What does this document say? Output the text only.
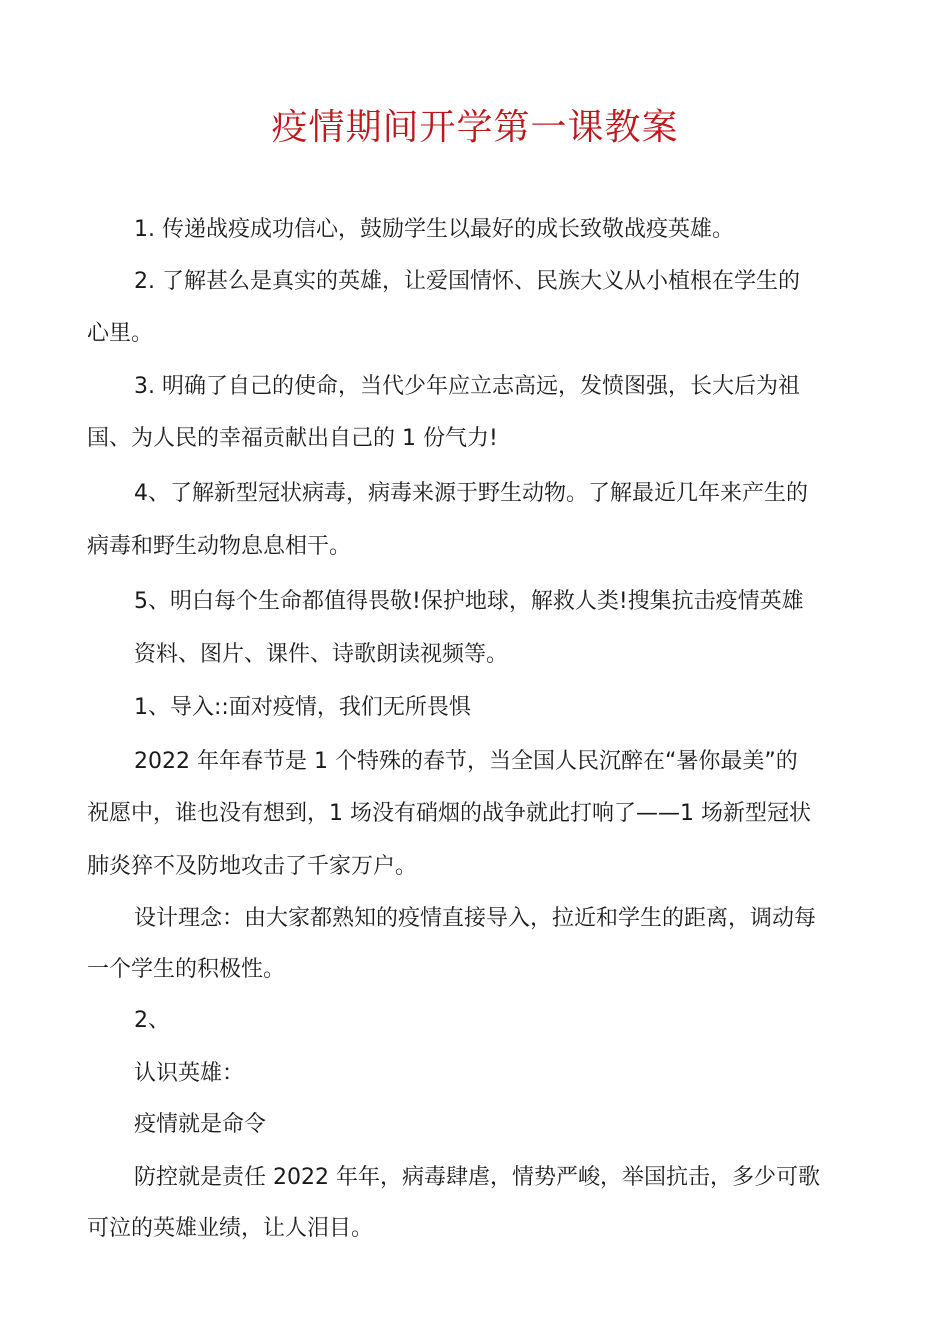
疫情期间开学第一课教案
1. 传递战疫成功信心，鼓励学生以最好的成长致敬战疫英雄。
2. 了解甚么是真实的英雄，让爱国情怀、民族大义从小植根在学生的
心里。
3. 明确了自己的使命，当代少年应立志高远，发愤图强，长大后为祖
国、为人民的幸福贡献出自己的 1 份气力!
4、了解新型冠状病毒，病毒来源于野生动物。了解最近几年来产生的
病毒和野生动物息息相干。
5、明白每个生命都值得畏敬!保护地球，解救人类!搜集抗击疫情英雄
资料、图片、课件、诗歌朗读视频等。
1、导入::面对疫情，我们无所畏惧
2022 年年春节是 1 个特殊的春节，当全国人民沉醉在“暑你最美”的
祝愿中，谁也没有想到，1 场没有硝烟的战争就此打响了——1 场新型冠状
肺炎猝不及防地攻击了千家万户。
设计理念：由大家都熟知的疫情直接导入，拉近和学生的距离，调动每
一个学生的积极性。
2、
认识英雄：
疫情就是命令
防控就是责任 2022 年年，病毒肆虐，情势严峻，举国抗击，多少可歌
可泣的英雄业绩，让人泪目。
